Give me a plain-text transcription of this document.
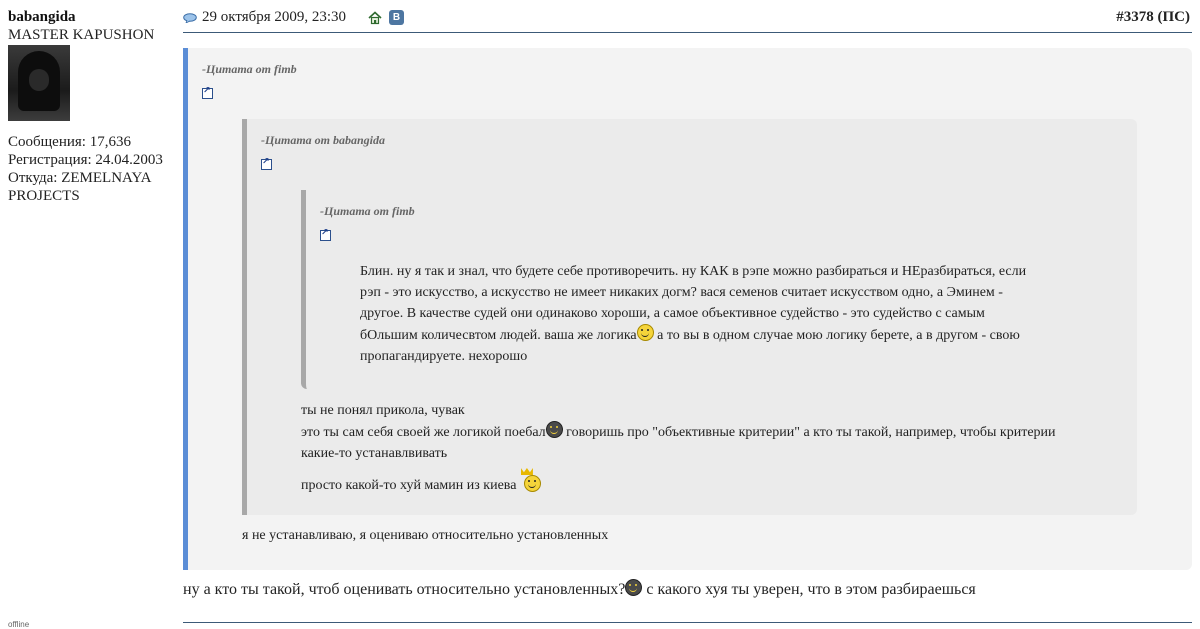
babangida
MASTER KAPUSHON
Сообщения: 17,636
Регистрация: 24.04.2003
Откуда: ZEMELNAYA
PROJECTS
offline
29 октября 2009, 23:30	B	#3378 (ПС)
-Цитата от fimb
↗
-Цитата от babangida
↗
-Цитата от fimb
↗
Блин. ну я так и знал, что будете себе противоречить. ну КАК в рэпе можно разбираться и НЕразбираться, если
рэп - это искусство, а искусство не имеет никаких догм? вася семенов считает искусством одно, а Эминем -
другое. В качестве судей они одинаково хороши, а самое объективное судейство - это судейство с самым
бОльшим количесвтом людей. ваша же логика а то вы в одном случае мою логику берете, а в другом - свою
пропагандируете. нехорошо
ты не понял прикола, чувак
это ты сам себя своей же логикой поебал говоришь про "объективные критерии" а кто ты такой, например, чтобы критерии
какие-то устанавлвивать
просто какой-то хуй мамин из киева
я не устанавливаю, я оцениваю относительно установленных
ну а кто ты такой, чтоб оценивать относительно установленных? с какого хуя ты уверен, что в этом разбираешься
